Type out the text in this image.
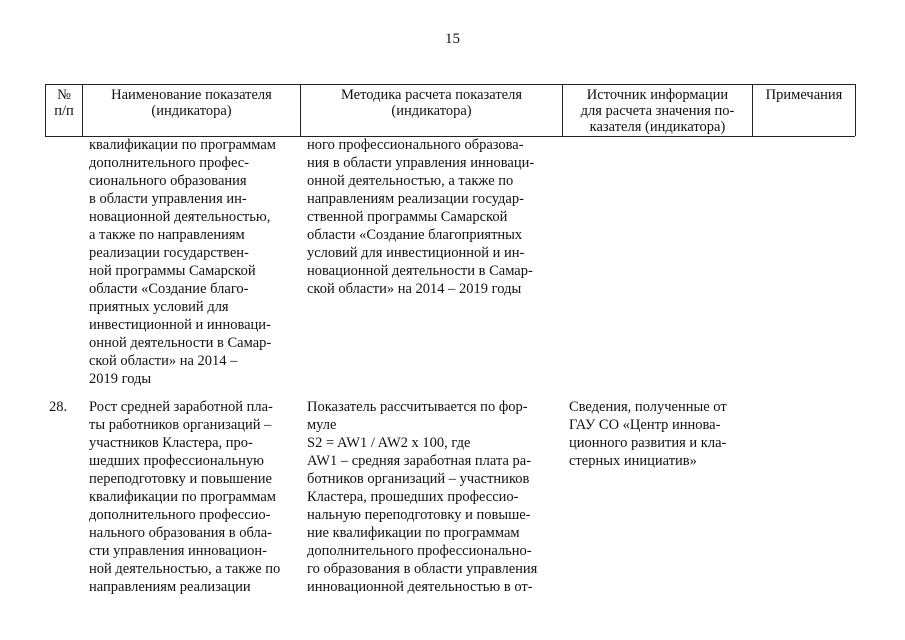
15
№
п/п
Наименование показателя
(индикатора)
Методика расчета показателя
(индикатора)
Источник информации
для расчета значения по-
казателя (индикатора)
Примечания
квалификации по программам
дополнительного профес-
сионального образования
в области управления ин-
новационной деятельностью,
а также по направлениям
реализации государствен-
ной программы Самарской
области «Создание благо-
приятных условий для
инвестиционной и инноваци-
онной деятельности в Самар-
ской области» на 2014 –
2019 годы
ного профессионального образова-
ния в области управления инноваци-
онной деятельностью, а также по
направлениям реализации государ-
ственной программы Самарской
области «Создание благоприятных
условий для инвестиционной и ин-
новационной деятельности в Самар-
ской области» на 2014 – 2019 годы
28. Рост средней заработной пла-
ты работников организаций –
участников Кластера, про-
шедших профессиональную
переподготовку и повышение
квалификации по программам
дополнительного профессио-
нального образования в обла-
сти управления инновацион-
ной деятельностью, а также по
направлениям реализации
Показатель рассчитывается по фор-
муле
S2 = AW1 / AW2 x 100, где
AW1 – средняя заработная плата ра-
ботников организаций – участников
Кластера, прошедших профессио-
нальную переподготовку и повыше-
ние квалификации по программам
дополнительного профессионально-
го образования в области управления
инновационной деятельностью в от-
Сведения, полученные от
ГАУ СО «Центр иннова-
ционного развития и кла-
стерных инициатив»
